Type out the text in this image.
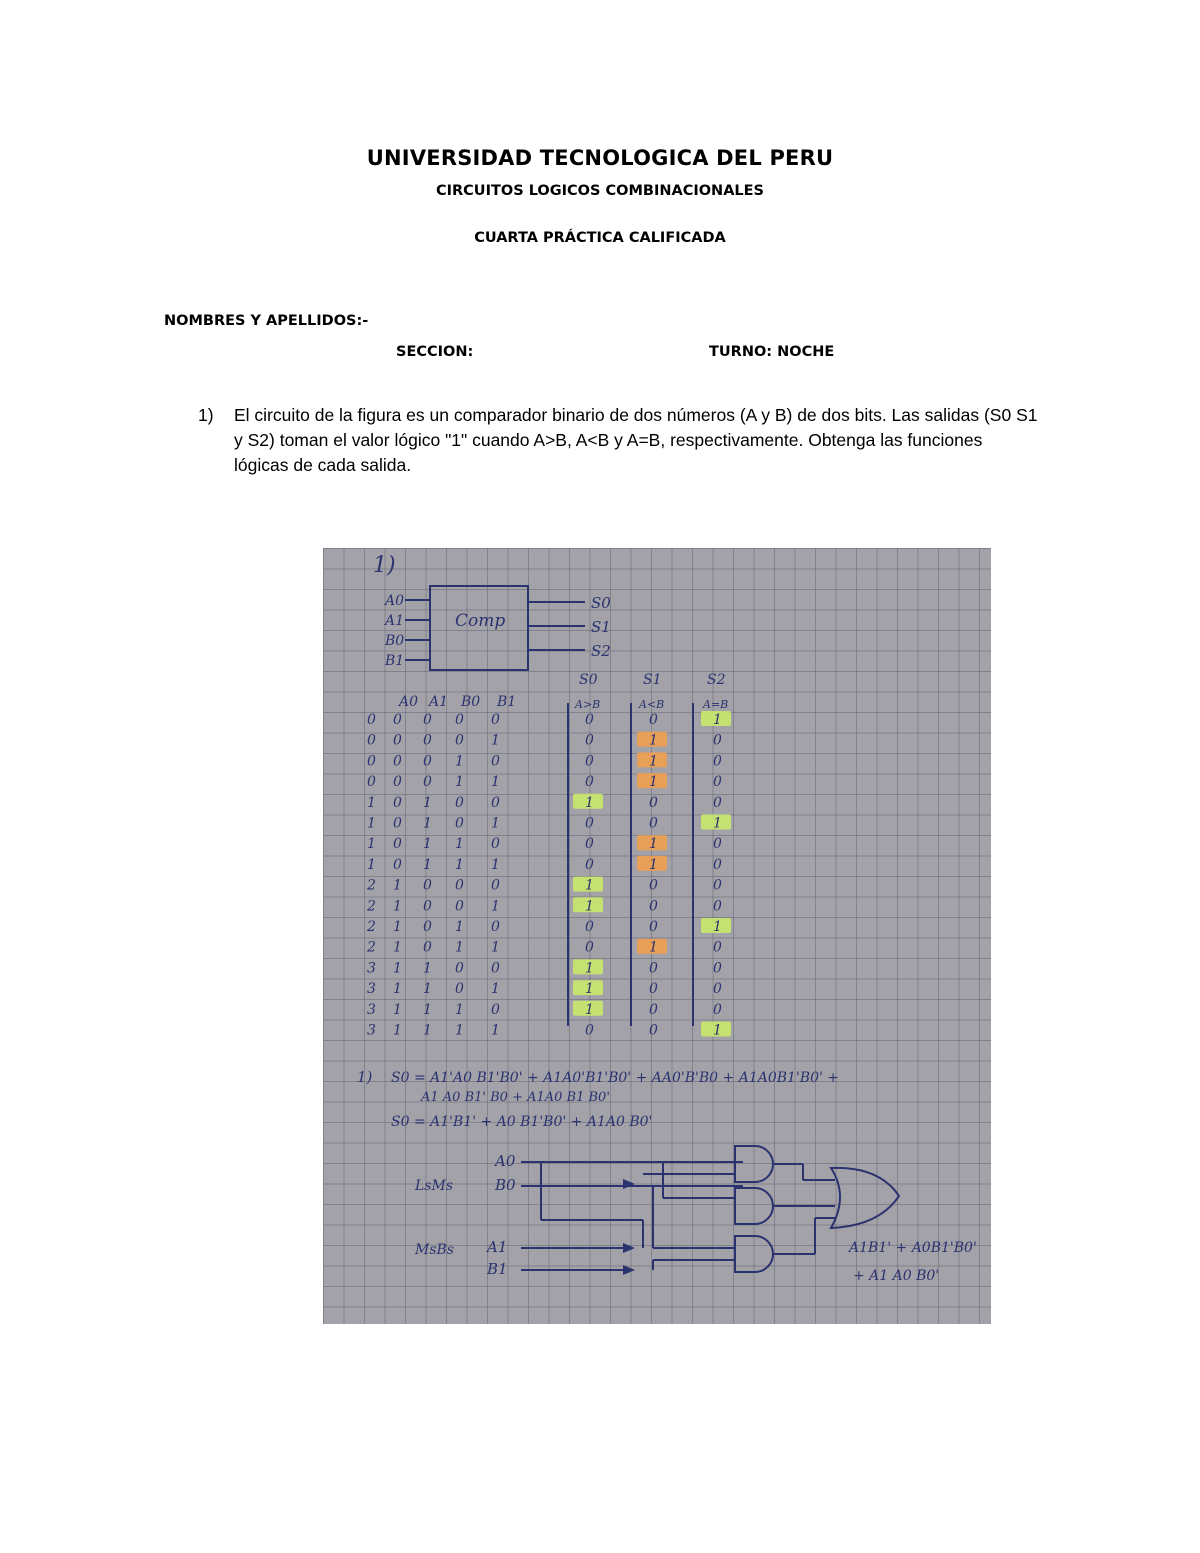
UNIVERSIDAD TECNOLOGICA DEL PERU
CIRCUITOS LOGICOS COMBINACIONALES
CUARTA PRÁCTICA CALIFICADA
NOMBRES Y APELLIDOS:-
SECCION:	TURNO: NOCHE
1)	El circuito de la figura es un comparador binario de dos números (A y B) de dos bits. Las salidas (S0 S1 y S2) toman el valor lógico "1" cuando A>B, A<B y A=B, respectivamente. Obtenga las funciones lógicas de cada salida.
1)
Comp
A0
A1
B0
B1
S0
S1
S2
S0
A>B
S1
A<B
S2
A=B
A0 A1 B0 B1
0 0 0 0 0	0	0	1
0 0 0 0 1	0	1	0
0 0 0 1 0	0	1	0
0 0 0 1 1	0	1	0
1 0 1 0 0	1	0	0
1 0 1 0 1	0	0	1
1 0 1 1 0	0	1	0
1 0 1 1 1	0	1	0
2 1 0 0 0	1	0	0
2 1 0 0 1	1	0	0
2 1 0 1 0	0	0	1
2 1 0 1 1	0	1	0
3 1 1 0 0	1	0	0
3 1 1 0 1	1	0	0
3 1 1 1 0	1	0	0
3 1 1 1 1	0	0	1
1) S0 = A1'A0 B1'B0' + A1A0'B1'B0' + AA0'B'B0 + A1A0B1'B0' +
A1 A0 B1' B0 + A1A0 B1 B0'
S0 = A1'B1' + A0 B1'B0' + A1A0 B0'
LsMs
MsBs
A0
B0
A1
B1
A1B1' + A0B1'B0'
+ A1 A0 B0'
